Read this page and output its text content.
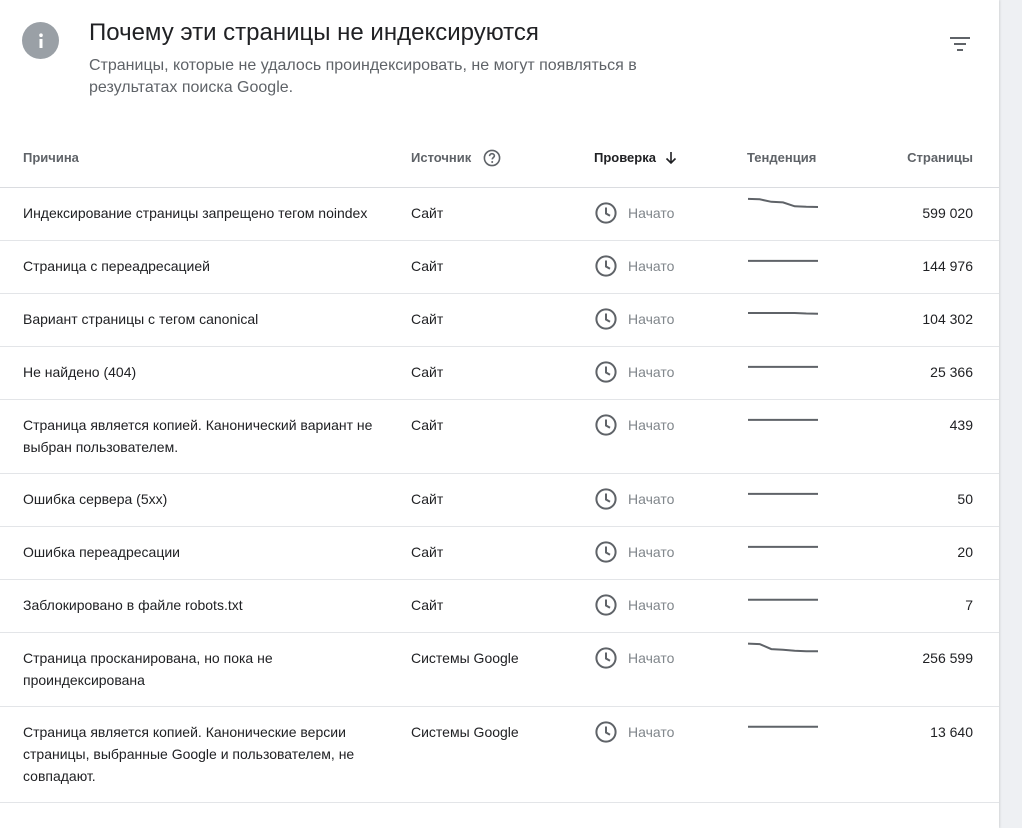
Почему эти страницы не индексируются

Страницы, которые не удалось проиндексировать, не могут появляться в результатах поиска Google.

Причина	Источник	Проверка	Тенденция	Страницы
Индексирование страницы запрещено тегом noindex	Сайт	Начато		599 020
Страница с переадресацией	Сайт	Начато		144 976
Вариант страницы с тегом canonical	Сайт	Начато		104 302
Не найдено (404)	Сайт	Начато		25 366
Страница является копией. Канонический вариант не выбран пользователем.	Сайт	Начато		439
Ошибка сервера (5xx)	Сайт	Начато		50
Ошибка переадресации	Сайт	Начато		20
Заблокировано в файле robots.txt	Сайт	Начато		7
Страница просканирована, но пока не проиндексирована	Системы Google	Начато		256 599
Страница является копией. Канонические версии страницы, выбранные Google и пользователем, не совпадают.	Системы Google	Начато		13 640
